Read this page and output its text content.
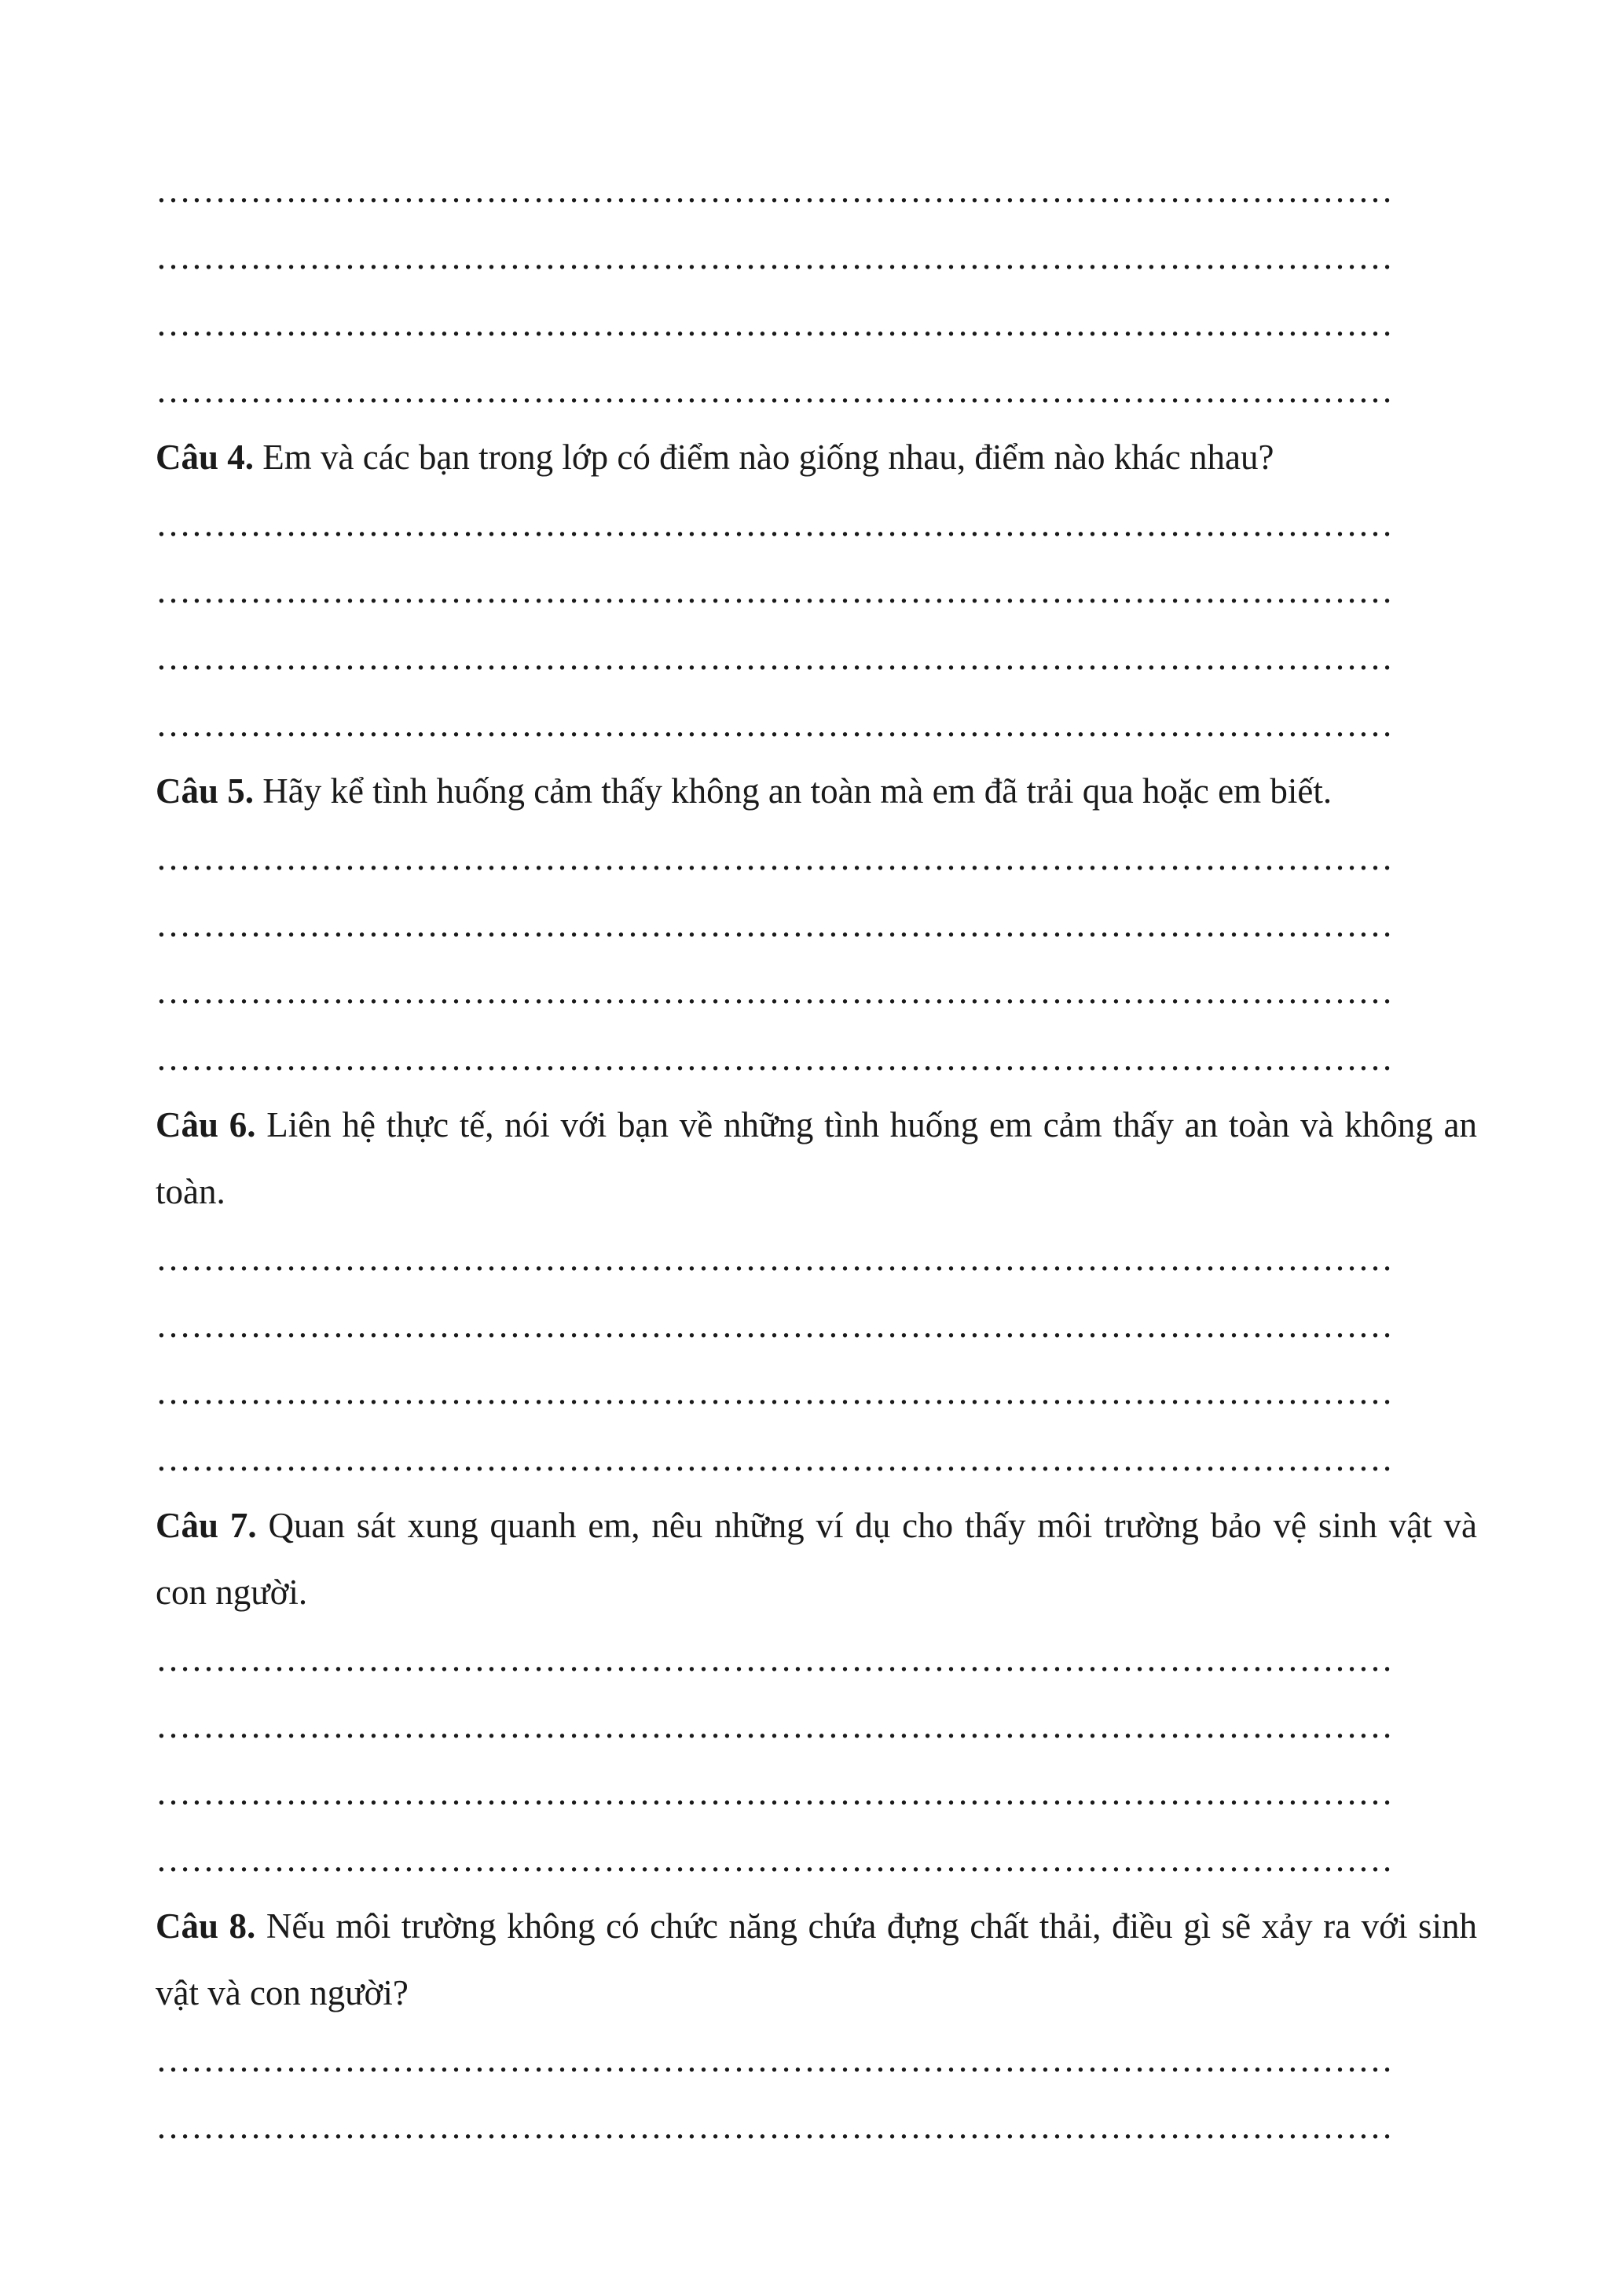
……………………………………………………………………………………………
……………………………………………………………………………………………
……………………………………………………………………………………………
……………………………………………………………………………………………
Câu 4. Em và các bạn trong lớp có điểm nào giống nhau, điểm nào khác nhau?
……………………………………………………………………………………………
……………………………………………………………………………………………
……………………………………………………………………………………………
……………………………………………………………………………………………
Câu 5. Hãy kể tình huống cảm thấy không an toàn mà em đã trải qua hoặc em biết.
……………………………………………………………………………………………
……………………………………………………………………………………………
……………………………………………………………………………………………
……………………………………………………………………………………………
Câu 6. Liên hệ thực tế, nói với bạn về những tình huống em cảm thấy an toàn và không an toàn.
……………………………………………………………………………………………
……………………………………………………………………………………………
……………………………………………………………………………………………
……………………………………………………………………………………………
Câu 7. Quan sát xung quanh em, nêu những ví dụ cho thấy môi trường bảo vệ sinh vật và con người.
……………………………………………………………………………………………
……………………………………………………………………………………………
……………………………………………………………………………………………
……………………………………………………………………………………………
Câu 8. Nếu môi trường không có chức năng chứa đựng chất thải, điều gì sẽ xảy ra với sinh vật và con người?
……………………………………………………………………………………………
……………………………………………………………………………………………
